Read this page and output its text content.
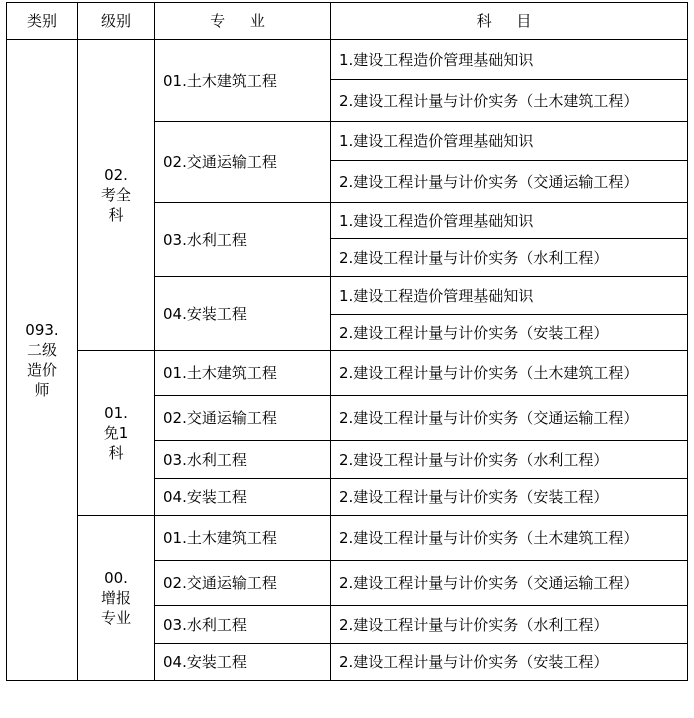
类别	级别	专 业	科 目
093.二级造价师	02.考全科	01.土木建筑工程	1.建设工程造价管理基础知识
			2.建设工程计量与计价实务（土木建筑工程）
		02.交通运输工程	1.建设工程造价管理基础知识
			2.建设工程计量与计价实务（交通运输工程）
		03.水利工程	1.建设工程造价管理基础知识
			2.建设工程计量与计价实务（水利工程）
		04.安装工程	1.建设工程造价管理基础知识
			2.建设工程计量与计价实务（安装工程）
	01.免1科	01.土木建筑工程	2.建设工程计量与计价实务（土木建筑工程）
		02.交通运输工程	2.建设工程计量与计价实务（交通运输工程）
		03.水利工程	2.建设工程计量与计价实务（水利工程）
		04.安装工程	2.建设工程计量与计价实务（安装工程）
	00.增报专业	01.土木建筑工程	2.建设工程计量与计价实务（土木建筑工程）
		02.交通运输工程	2.建设工程计量与计价实务（交通运输工程）
		03.水利工程	2.建设工程计量与计价实务（水利工程）
		04.安装工程	2.建设工程计量与计价实务（安装工程）
